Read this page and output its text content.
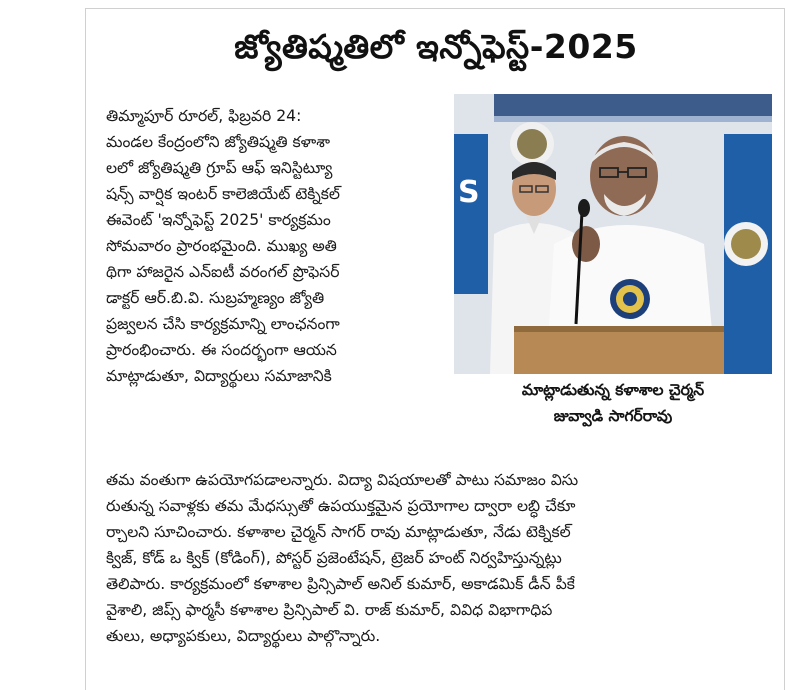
జ్యోతిష్మతిలో ఇన్నోఫెస్ట్-2025
తిమ్మాపూర్ రూరల్, ఫిబ్రవరి 24:
మండల కేంద్రంలోని జ్యోతిష్మతి కళాశా
లలో జ్యోతిష్మతి గ్రూప్ ఆఫ్ ఇనిస్టిట్యూ
షన్స్ వార్షిక ఇంటర్ కాలెజియేట్ టెక్నికల్
ఈవెంట్ 'ఇన్నోఫెస్ట్ 2025' కార్యక్రమం
సోమవారం ప్రారంభమైంది. ముఖ్య అతి
థిగా హాజరైన ఎన్ఐటీ వరంగల్ ప్రొఫెసర్
డాక్టర్ ఆర్.బి.వి. సుబ్రహ్మణ్యం జ్యోతి
ప్రజ్వలన చేసి కార్యక్రమాన్ని లాంఛనంగా
ప్రారంభించారు. ఈ సందర్భంగా ఆయన
మాట్లాడుతూ, విద్యార్థులు సమాజానికి
S
మాట్లాడుతున్న కళాశాల చైర్మన్
జువ్వాడి సాగర్‌రావు
తమ వంతుగా ఉపయోగపడాలన్నారు. విద్యా విషయాలతో పాటు సమాజం విసు
రుతున్న సవాళ్లకు తమ మేధస్సుతో ఉపయుక్తమైన ప్రయోగాల ద్వారా లబ్ధి చేకూ
ర్చాలని సూచించారు. కళాశాల చైర్మన్ సాగర్ రావు మాట్లాడుతూ, నేడు టెక్నికల్
క్విజ్, కోడ్ ఒ క్విక్ (కోడింగ్), పోస్టర్ ప్రజెంటేషన్, ట్రెజర్ హంట్ నిర్వహిస్తున్నట్లు
తెలిపారు. కార్యక్రమంలో కళాశాల ప్రిన్సిపాల్ అనిల్ కుమార్, అకాడమిక్ డీన్ పీకే
వైశాలి, జిప్స్ ఫార్మసీ కళాశాల ప్రిన్సిపాల్ వి. రాజ్ కుమార్, వివిధ విభాగాధిప
తులు, అధ్యాపకులు, విద్యార్థులు పాల్గొన్నారు.
